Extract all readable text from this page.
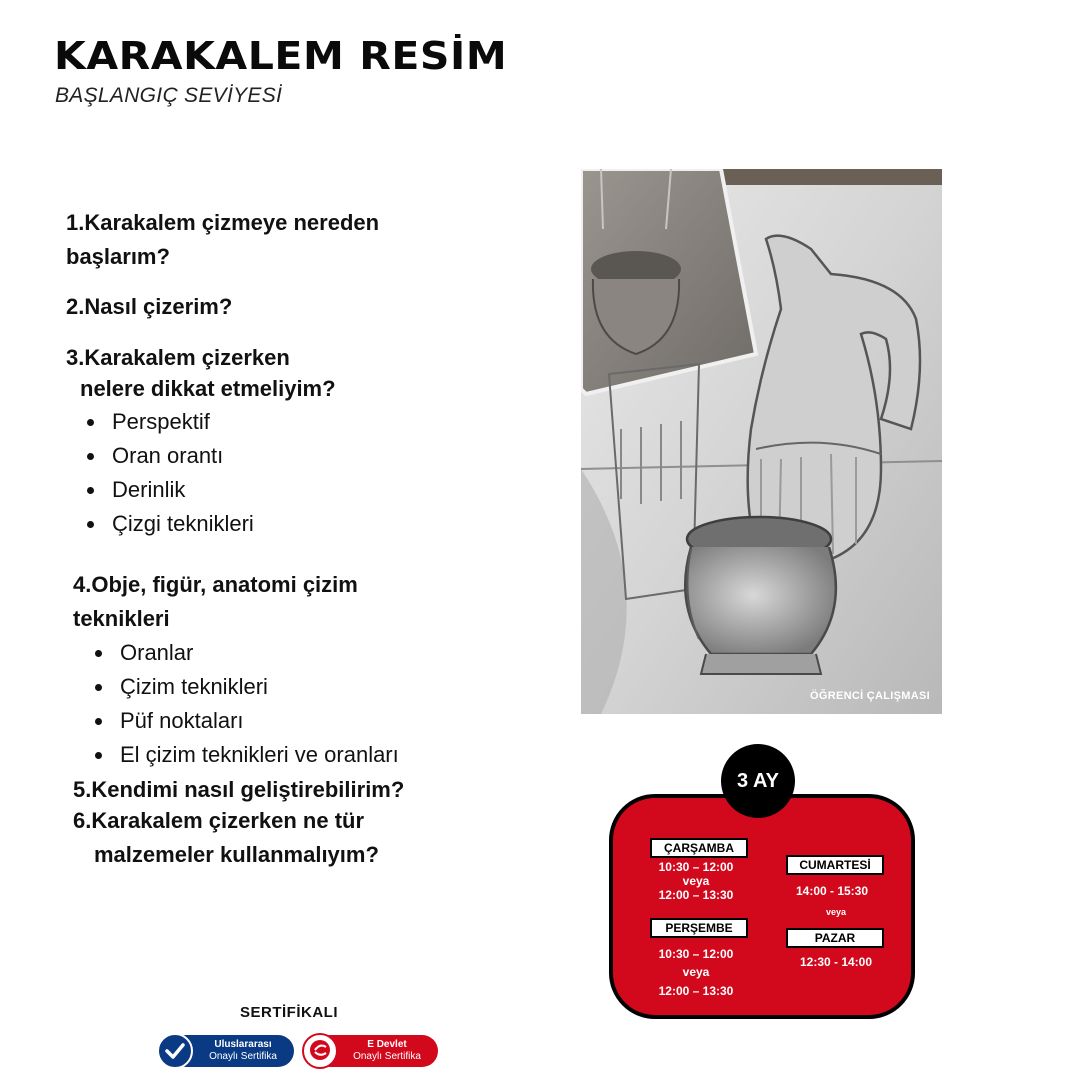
KARAKALEM RESİM
BAŞLANGIÇ SEVİYESİ
1.Karakalem çizmeye nereden
başlarım?
2.Nasıl çizerim?
3.Karakalem çizerken
nelere dikkat etmeliyim?
Perspektif
Oran orantı
Derinlik
Çizgi teknikleri
4.Obje, figür, anatomi çizim
teknikleri
Oranlar
Çizim teknikleri
Püf noktaları
El çizim teknikleri ve oranları
5.Kendimi nasıl geliştirebilirim?
6.Karakalem çizerken ne tür
malzemeler kullanmalıyım?
ÖĞRENCİ ÇALIŞMASI
3 AY
ÇARŞAMBA
10:30 – 12:00
veya
12:00 – 13:30
PERŞEMBE
10:30 – 12:00
veya
12:00 – 13:30
CUMARTESİ
14:00 - 15:30
veya
PAZAR
12:30 - 14:00
SERTİFİKALI
Uluslararası
Onaylı Sertifika
E Devlet
Onaylı Sertifika
